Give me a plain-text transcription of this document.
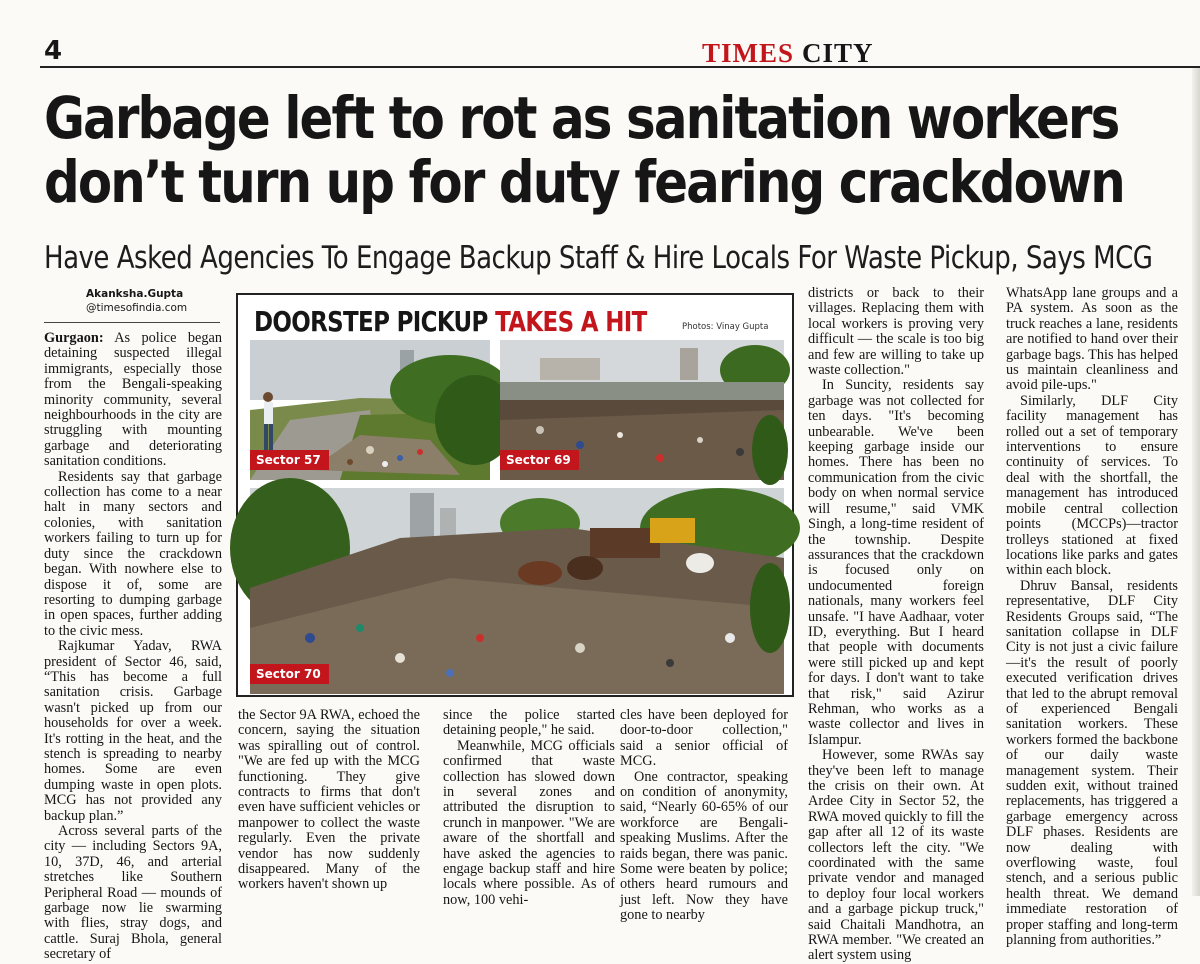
4	TIMES CITY
Garbage left to rot as sanitation workers
don’t turn up for duty fearing crackdown
Have Asked Agencies To Engage Backup Staff & Hire Locals For Waste Pickup, Says MCG
Akanksha.Gupta
@timesofindia.com

Gurgaon: As police began detaining suspected illegal immigrants, especially those from the Bengali-speaking minority community, several neighbourhoods in the city are struggling with mounting garbage and deteriorating sanitation conditions.

Residents say that garbage collection has come to a near halt in many sectors and colonies, with sanitation workers failing to turn up for duty since the crackdown began. With nowhere else to dispose it of, some are resorting to dumping garbage in open spaces, further adding to the civic mess.

Rajkumar Yadav, RWA president of Sector 46, said, “This has become a full sanitation crisis. Garbage wasn't picked up from our households for over a week. It's rotting in the heat, and the stench is spreading to nearby homes. Some are even dumping waste in open plots. MCG has not provided any backup plan.”

Across several parts of the city — including Sectors 9A, 10, 37D, 46, and arterial stretches like Southern Peripheral Road — mounds of garbage now lie swarming with flies, stray dogs, and cattle. Suraj Bhola, general secretary of

DOORSTEP PICKUP TAKES A HIT	Photos: Vinay Gupta
Sector 57	Sector 69
Sector 70

the Sector 9A RWA, echoed the concern, saying the situation was spiralling out of control. "We are fed up with the MCG functioning. They give contracts to firms that don't even have sufficient vehicles or manpower to collect the waste regularly. Even the private vendor has now suddenly disappeared. Many of the workers haven't shown up

since the police started detaining people," he said.

Meanwhile, MCG officials confirmed that waste collection has slowed down in several zones and attributed the disruption to crunch in manpower. "We are aware of the shortfall and have asked the agencies to engage backup staff and hire locals where possible. As of now, 100 vehi-

cles have been deployed for door-to-door collection," said a senior official of MCG.

One contractor, speaking on condition of anonymity, said, “Nearly 60-65% of our workforce are Bengali-speaking Muslims. After the raids began, there was panic. Some were beaten by police; others heard rumours and just left. Now they have gone to nearby

districts or back to their villages. Replacing them with local workers is proving very difficult — the scale is too big and few are willing to take up waste collection."

In Suncity, residents say garbage was not collected for ten days. "It's becoming unbearable. We've been keeping garbage inside our homes. There has been no communication from the civic body on when normal service will resume," said VMK Singh, a long-time resident of the township. Despite assurances that the crackdown is focused only on undocumented foreign nationals, many workers feel unsafe. "I have Aadhaar, voter ID, everything. But I heard that people with documents were still picked up and kept for days. I don't want to take that risk," said Azirur Rehman, who works as a waste collector and lives in Islampur.

However, some RWAs say they've been left to manage the crisis on their own. At Ardee City in Sector 52, the RWA moved quickly to fill the gap after all 12 of its waste collectors left the city. "We coordinated with the same private vendor and managed to deploy four local workers and a garbage pickup truck," said Chaitali Mandhotra, an RWA member. "We created an alert system using

WhatsApp lane groups and a PA system. As soon as the truck reaches a lane, residents are notified to hand over their garbage bags. This has helped us maintain cleanliness and avoid pile-ups."

Similarly, DLF City facility management has rolled out a set of temporary interventions to ensure continuity of services. To deal with the shortfall, the management has introduced mobile central collection points (MCCPs)—tractor trolleys stationed at fixed locations like parks and gates within each block.

Dhruv Bansal, residents representative, DLF City Residents Groups said, “The sanitation collapse in DLF City is not just a civic failure—it's the result of poorly executed verification drives that led to the abrupt removal of experienced Bengali sanitation workers. These workers formed the backbone of our daily waste management system. Their sudden exit, without trained replacements, has triggered a garbage emergency across DLF phases. Residents are now dealing with overflowing waste, foul stench, and a serious public health threat. We demand immediate restoration of proper staffing and long-term planning from authorities.”
